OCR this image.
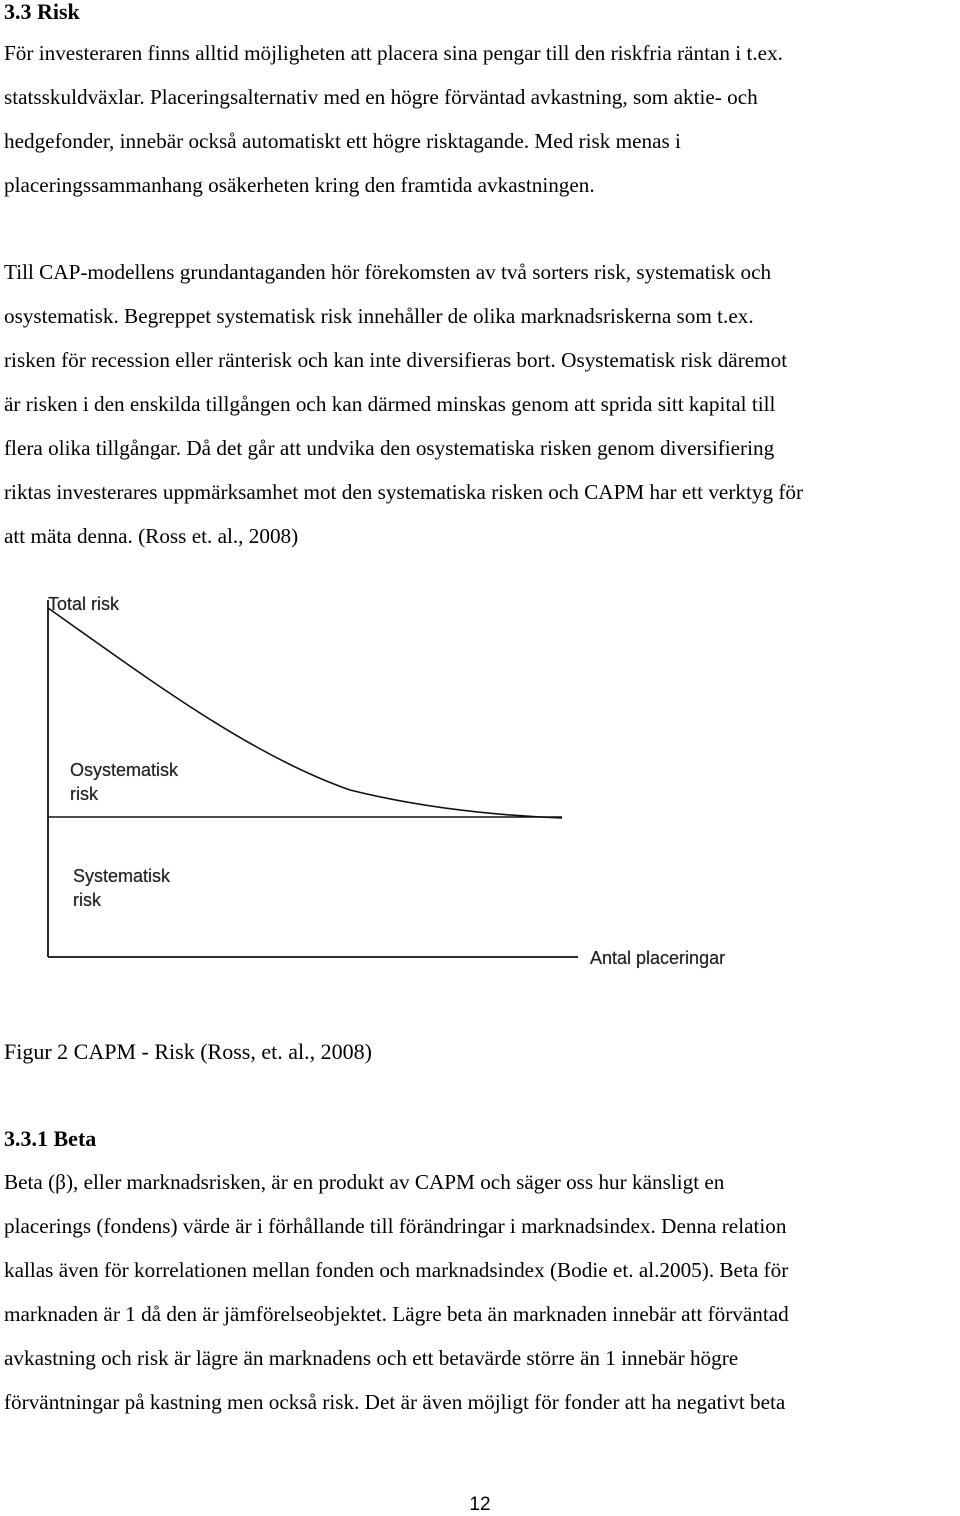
3.3 Risk

För investeraren finns alltid möjligheten att placera sina pengar till den riskfria räntan i t.ex.
statsskuldväxlar. Placeringsalternativ med en högre förväntad avkastning, som aktie- och
hedgefonder, innebär också automatiskt ett högre risktagande. Med risk menas i
placeringssammanhang osäkerheten kring den framtida avkastningen.

Till CAP-modellens grundantaganden hör förekomsten av två sorters risk, systematisk och
osystematisk. Begreppet systematisk risk innehåller de olika marknadsriskerna som t.ex.
risken för recession eller ränterisk och kan inte diversifieras bort. Osystematisk risk däremot
är risken i den enskilda tillgången och kan därmed minskas genom att sprida sitt kapital till
flera olika tillgångar. Då det går att undvika den osystematiska risken genom diversifiering
riktas investerares uppmärksamhet mot den systematiska risken och CAPM har ett verktyg för
att mäta denna. (Ross et. al., 2008)

Total risk
Osystematisk
risk
Systematisk
risk
Antal placeringar

Figur 2 CAPM - Risk (Ross, et. al., 2008)

3.3.1 Beta

Beta (β), eller marknadsrisken, är en produkt av CAPM och säger oss hur känsligt en
placerings (fondens) värde är i förhållande till förändringar i marknadsindex. Denna relation
kallas även för korrelationen mellan fonden och marknadsindex (Bodie et. al.2005). Beta för
marknaden är 1 då den är jämförelseobjektet. Lägre beta än marknaden innebär att förväntad
avkastning och risk är lägre än marknadens och ett betavärde större än 1 innebär högre
förväntningar på kastning men också risk. Det är även möjligt för fonder att ha negativt beta

12
